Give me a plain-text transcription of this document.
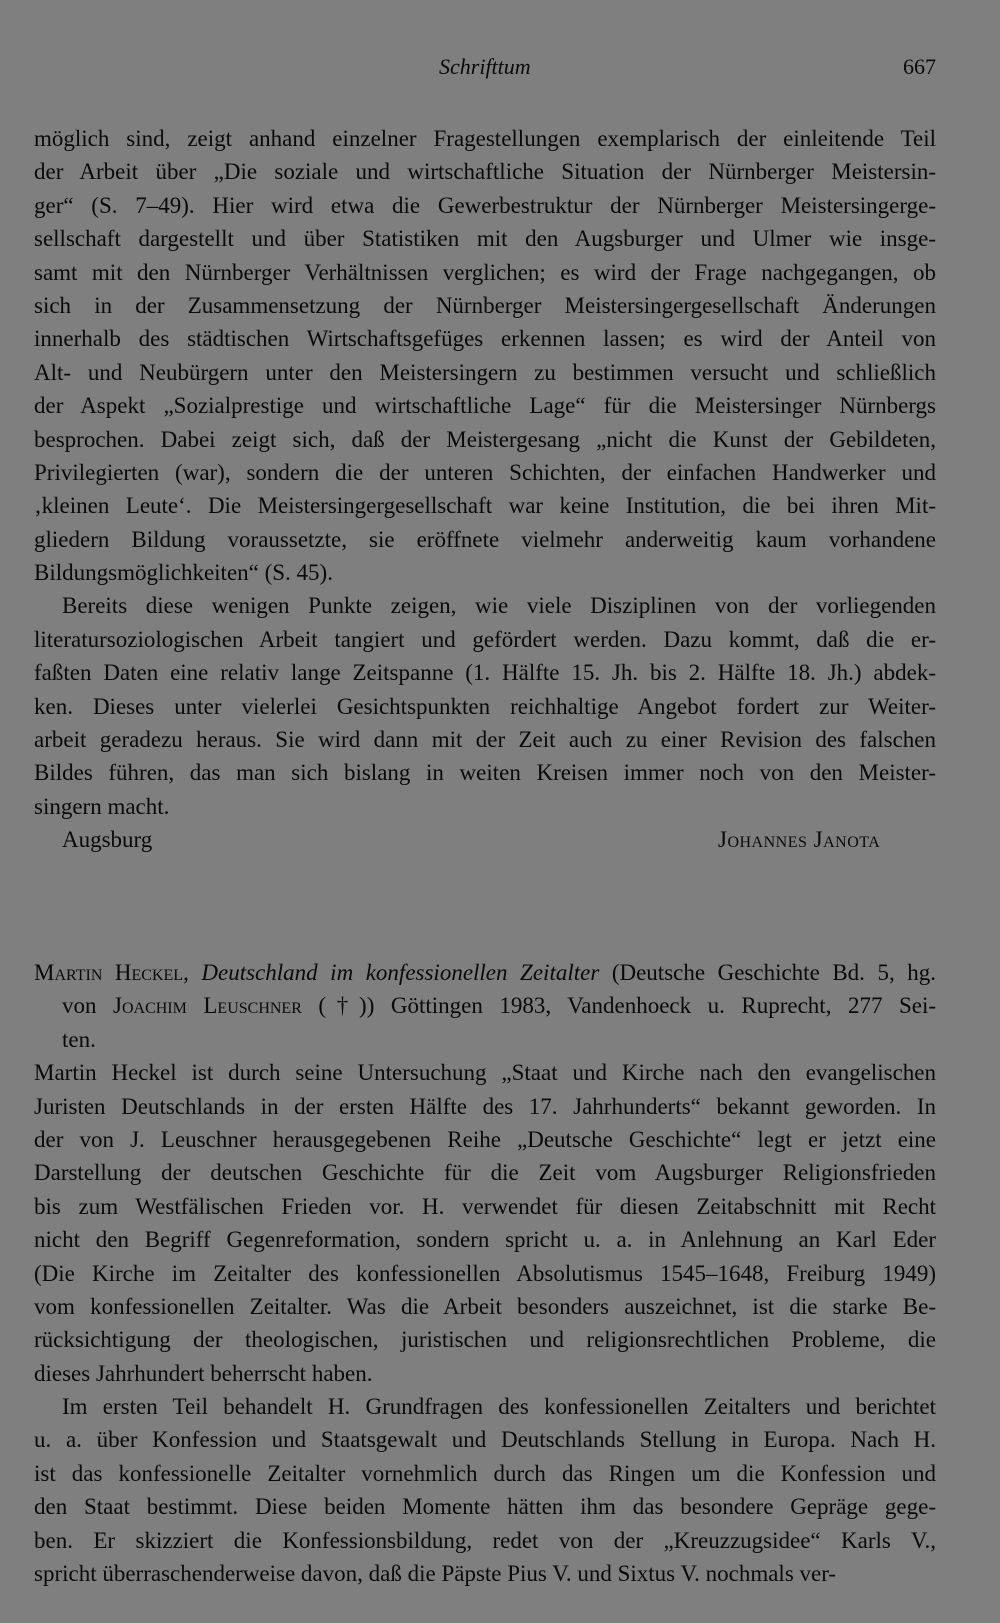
Schrifttum	667
möglich sind, zeigt anhand einzelner Fragestellungen exemplarisch der einleitende Teil
der Arbeit über „Die soziale und wirtschaftliche Situation der Nürnberger Meistersin-
ger“ (S. 7–49). Hier wird etwa die Gewerbestruktur der Nürnberger Meistersingerge-
sellschaft dargestellt und über Statistiken mit den Augsburger und Ulmer wie insge-
samt mit den Nürnberger Verhältnissen verglichen; es wird der Frage nachgegangen, ob
sich in der Zusammensetzung der Nürnberger Meistersingergesellschaft Änderungen
innerhalb des städtischen Wirtschaftsgefüges erkennen lassen; es wird der Anteil von
Alt- und Neubürgern unter den Meistersingern zu bestimmen versucht und schließlich
der Aspekt „Sozialprestige und wirtschaftliche Lage“ für die Meistersinger Nürnbergs
besprochen. Dabei zeigt sich, daß der Meistergesang „nicht die Kunst der Gebildeten,
Privilegierten (war), sondern die der unteren Schichten, der einfachen Handwerker und
‚kleinen Leute‘. Die Meistersingergesellschaft war keine Institution, die bei ihren Mit-
gliedern Bildung voraussetzte, sie eröffnete vielmehr anderweitig kaum vorhandene
Bildungsmöglichkeiten“ (S. 45).
Bereits diese wenigen Punkte zeigen, wie viele Disziplinen von der vorliegenden
literatursoziologischen Arbeit tangiert und gefördert werden. Dazu kommt, daß die er-
faßten Daten eine relativ lange Zeitspanne (1. Hälfte 15. Jh. bis 2. Hälfte 18. Jh.) abdek-
ken. Dieses unter vielerlei Gesichtspunkten reichhaltige Angebot fordert zur Weiter-
arbeit geradezu heraus. Sie wird dann mit der Zeit auch zu einer Revision des falschen
Bildes führen, das man sich bislang in weiten Kreisen immer noch von den Meister-
singern macht.
Augsburg	Johannes Janota
Martin Heckel, Deutschland im konfessionellen Zeitalter (Deutsche Geschichte Bd. 5, hg.
von Joachim Leuschner (†)) Göttingen 1983, Vandenhoeck u. Ruprecht, 277 Sei-
ten.
Martin Heckel ist durch seine Untersuchung „Staat und Kirche nach den evangelischen
Juristen Deutschlands in der ersten Hälfte des 17. Jahrhunderts“ bekannt geworden. In
der von J. Leuschner herausgegebenen Reihe „Deutsche Geschichte“ legt er jetzt eine
Darstellung der deutschen Geschichte für die Zeit vom Augsburger Religionsfrieden
bis zum Westfälischen Frieden vor. H. verwendet für diesen Zeitabschnitt mit Recht
nicht den Begriff Gegenreformation, sondern spricht u. a. in Anlehnung an Karl Eder
(Die Kirche im Zeitalter des konfessionellen Absolutismus 1545–1648, Freiburg 1949)
vom konfessionellen Zeitalter. Was die Arbeit besonders auszeichnet, ist die starke Be-
rücksichtigung der theologischen, juristischen und religionsrechtlichen Probleme, die
dieses Jahrhundert beherrscht haben.
Im ersten Teil behandelt H. Grundfragen des konfessionellen Zeitalters und berichtet
u. a. über Konfession und Staatsgewalt und Deutschlands Stellung in Europa. Nach H.
ist das konfessionelle Zeitalter vornehmlich durch das Ringen um die Konfession und
den Staat bestimmt. Diese beiden Momente hätten ihm das besondere Gepräge gege-
ben. Er skizziert die Konfessionsbildung, redet von der „Kreuzzugsidee“ Karls V.,
spricht überraschenderweise davon, daß die Päpste Pius V. und Sixtus V. nochmals ver-
